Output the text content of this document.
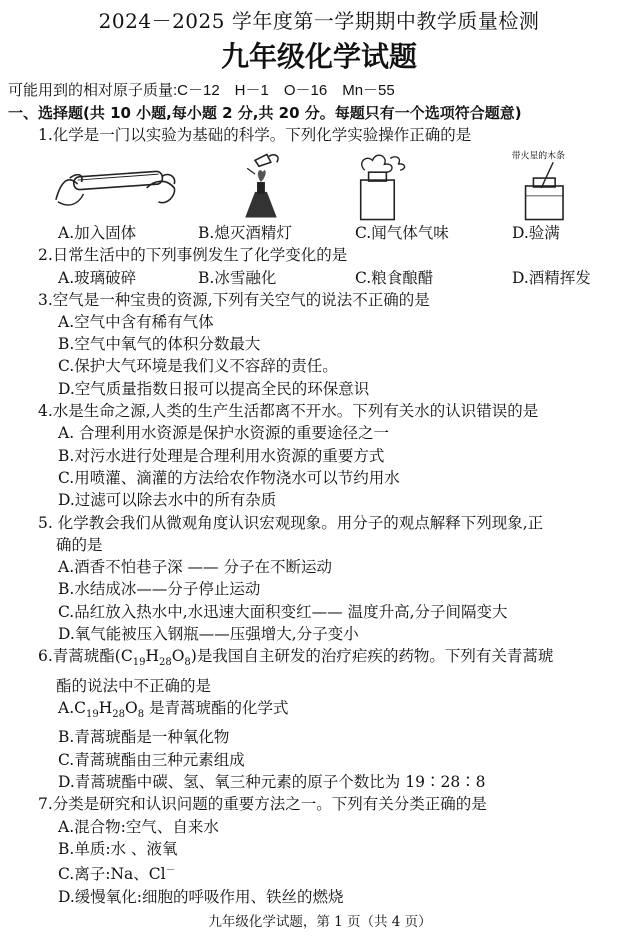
2024－2025 学年度第一学期期中教学质量检测
九年级化学试题
可能用到的相对原子质量:C－12　H－1　O－16　Mn－55
一、选择题(共 10 小题,每小题 2 分,共 20 分。每题只有一个选项符合题意)
1.化学是一门以实验为基础的科学。下列化学实验操作正确的是
带火星的木条
A.加入固体	B.熄灭酒精灯	C.闻气体气味	D.验满
2.日常生活中的下列事例发生了化学变化的是
A.玻璃破碎	B.冰雪融化	C.粮食酿醋	D.酒精挥发
3.空气是一种宝贵的资源,下列有关空气的说法不正确的是
A.空气中含有稀有气体
B.空气中氧气的体积分数最大
C.保护大气环境是我们义不容辞的责任。
D.空气质量指数日报可以提高全民的环保意识
4.水是生命之源,人类的生产生活都离不开水。下列有关水的认识错误的是
A. 合理利用水资源是保护水资源的重要途径之一
B.对污水进行处理是合理利用水资源的重要方式
C.用喷灌、滴灌的方法给农作物浇水可以节约用水
D.过滤可以除去水中的所有杂质
5. 化学教会我们从微观角度认识宏观现象。用分子的观点解释下列现象,正
确的是
A.酒香不怕巷子深 —— 分子在不断运动
B.水结成冰——分子停止运动
C.品红放入热水中,水迅速大面积变红—— 温度升高,分子间隔变大
D.氧气能被压入钢瓶——压强增大,分子变小
6.青蒿琥酯$(C_{19}H_{28}O_8)$是我国自主研发的治疗疟疾的药物。下列有关青蒿琥
酯的说法中不正确的是
$A.C_{19}H_{28}O_8$ 是青蒿琥酯的化学式
B.青蒿琥酯是一种氧化物
C.青蒿琥酯由三种元素组成
D.青蒿琥酯中碳、氢、氧三种元素的原子个数比为 19∶28∶8
7.分类是研究和认识问题的重要方法之一。下列有关分类正确的是
A.混合物:空气、自来水
B.单质:水 、液氧
C.离子:Na、Cl－
D.缓慢氧化:细胞的呼吸作用、铁丝的燃烧
九年级化学试题，第 1 页（共 4 页）
